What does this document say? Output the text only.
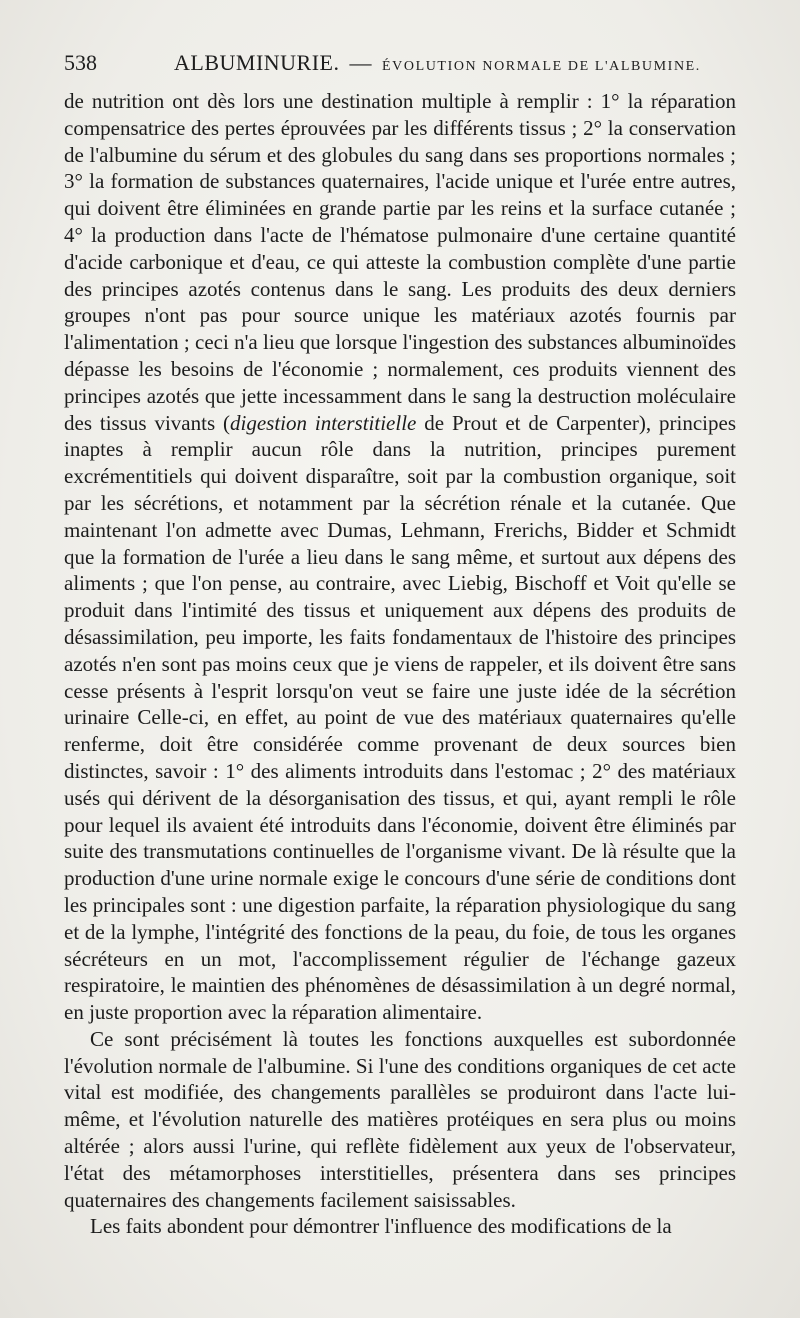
538	ALBUMINURIE. — ÉVOLUTION NORMALE DE L'ALBUMINE.

de nutrition ont dès lors une destination multiple à remplir : 1° la réparation compensatrice des pertes éprouvées par les différents tissus ; 2° la conservation de l'albumine du sérum et des globules du sang dans ses proportions normales ; 3° la formation de substances quaternaires, l'acide unique et l'urée entre autres, qui doivent être éliminées en grande partie par les reins et la surface cutanée ; 4° la production dans l'acte de l'hématose pulmonaire d'une certaine quantité d'acide carbonique et d'eau, ce qui atteste la combustion complète d'une partie des principes azotés contenus dans le sang. Les produits des deux derniers groupes n'ont pas pour source unique les matériaux azotés fournis par l'alimentation ; ceci n'a lieu que lorsque l'ingestion des substances albuminoïdes dépasse les besoins de l'économie ; normalement, ces produits viennent des principes azotés que jette incessamment dans le sang la destruction moléculaire des tissus vivants (digestion interstitielle de Prout et de Carpenter), principes inaptes à remplir aucun rôle dans la nutrition, principes purement excrémentitiels qui doivent disparaître, soit par la combustion organique, soit par les sécrétions, et notamment par la sécrétion rénale et la cutanée. Que maintenant l'on admette avec Dumas, Lehmann, Frerichs, Bidder et Schmidt que la formation de l'urée a lieu dans le sang même, et surtout aux dépens des aliments ; que l'on pense, au contraire, avec Liebig, Bischoff et Voit qu'elle se produit dans l'intimité des tissus et uniquement aux dépens des produits de désassimilation, peu importe, les faits fondamentaux de l'histoire des principes azotés n'en sont pas moins ceux que je viens de rappeler, et ils doivent être sans cesse présents à l'esprit lorsqu'on veut se faire une juste idée de la sécrétion urinaire Celle-ci, en effet, au point de vue des matériaux quaternaires qu'elle renferme, doit être considérée comme provenant de deux sources bien distinctes, savoir : 1° des aliments introduits dans l'estomac ; 2° des matériaux usés qui dérivent de la désorganisation des tissus, et qui, ayant rempli le rôle pour lequel ils avaient été introduits dans l'économie, doivent être éliminés par suite des transmutations continuelles de l'organisme vivant. De là résulte que la production d'une urine normale exige le concours d'une série de conditions dont les principales sont : une digestion parfaite, la réparation physiologique du sang et de la lymphe, l'intégrité des fonctions de la peau, du foie, de tous les organes sécréteurs en un mot, l'accomplissement régulier de l'échange gazeux respiratoire, le maintien des phénomènes de désassimilation à un degré normal, en juste proportion avec la réparation alimentaire.

Ce sont précisément là toutes les fonctions auxquelles est subordonnée l'évolution normale de l'albumine. Si l'une des conditions organiques de cet acte vital est modifiée, des changements parallèles se produiront dans l'acte lui-même, et l'évolution naturelle des matières protéiques en sera plus ou moins altérée ; alors aussi l'urine, qui reflète fidèlement aux yeux de l'observateur, l'état des métamorphoses interstitielles, présentera dans ses principes quaternaires des changements facilement saisissables.

Les faits abondent pour démontrer l'influence des modifications de la
